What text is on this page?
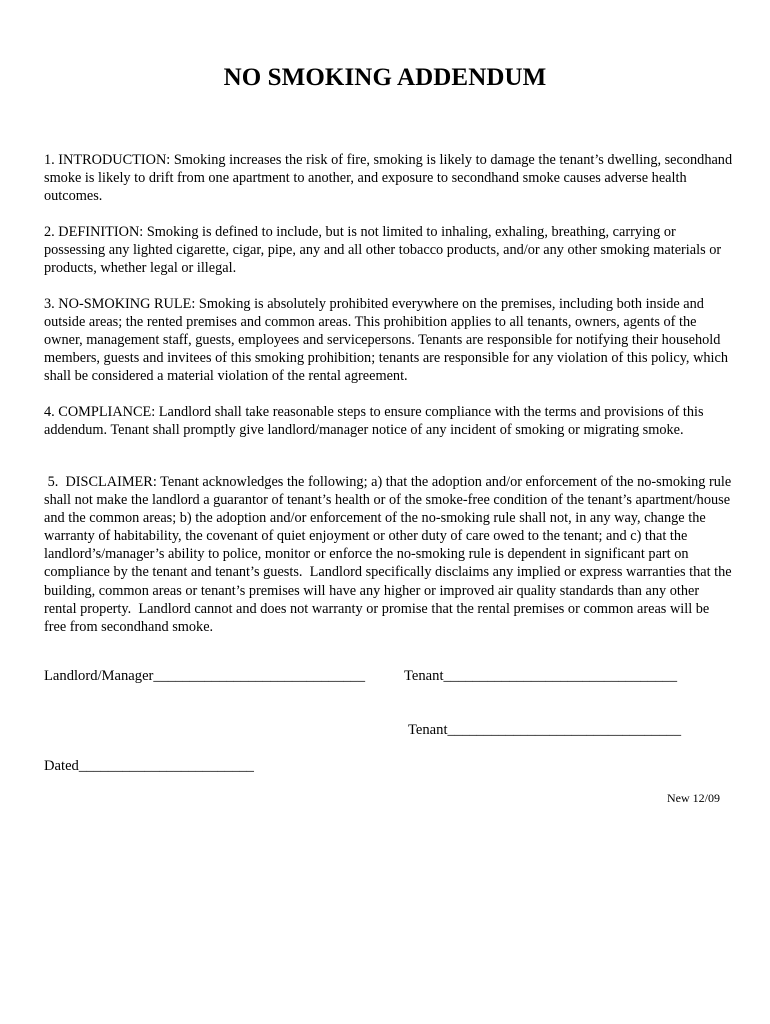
NO SMOKING ADDENDUM

1. INTRODUCTION: Smoking increases the risk of fire, smoking is likely to damage the tenant’s dwelling, secondhand smoke is likely to drift from one apartment to another, and exposure to secondhand smoke causes adverse health outcomes.

2. DEFINITION: Smoking is defined to include, but is not limited to inhaling, exhaling, breathing, carrying or possessing any lighted cigarette, cigar, pipe, any and all other tobacco products, and/or any other smoking materials or products, whether legal or illegal.

3. NO-SMOKING RULE: Smoking is absolutely prohibited everywhere on the premises, including both inside and outside areas; the rented premises and common areas. This prohibition applies to all tenants, owners, agents of the owner, management staff, guests, employees and servicepersons. Tenants are responsible for notifying their household members, guests and invitees of this smoking prohibition; tenants are responsible for any violation of this policy, which shall be considered a material violation of the rental agreement.

4. COMPLIANCE: Landlord shall take reasonable steps to ensure compliance with the terms and provisions of this addendum. Tenant shall promptly give landlord/manager notice of any incident of smoking or migrating smoke.

5.  DISCLAIMER: Tenant acknowledges the following; a) that the adoption and/or enforcement of the no-smoking rule shall not make the landlord a guarantor of tenant’s health or of the smoke-free condition of the tenant’s apartment/house and the common areas; b) the adoption and/or enforcement of the no-smoking rule shall not, in any way, change the warranty of habitability, the covenant of quiet enjoyment or other duty of care owed to the tenant; and c) that the landlord’s/manager’s ability to police, monitor or enforce the no-smoking rule is dependent in significant part on compliance by the tenant and tenant’s guests.  Landlord specifically disclaims any implied or express warranties that the building, common areas or tenant’s premises will have any higher or improved air quality standards than any other rental property.  Landlord cannot and does not warranty or promise that the rental premises or common areas will be free from secondhand smoke.

Landlord/Manager_____________________________	Tenant________________________________

Tenant________________________________

Dated________________________

New 12/09
